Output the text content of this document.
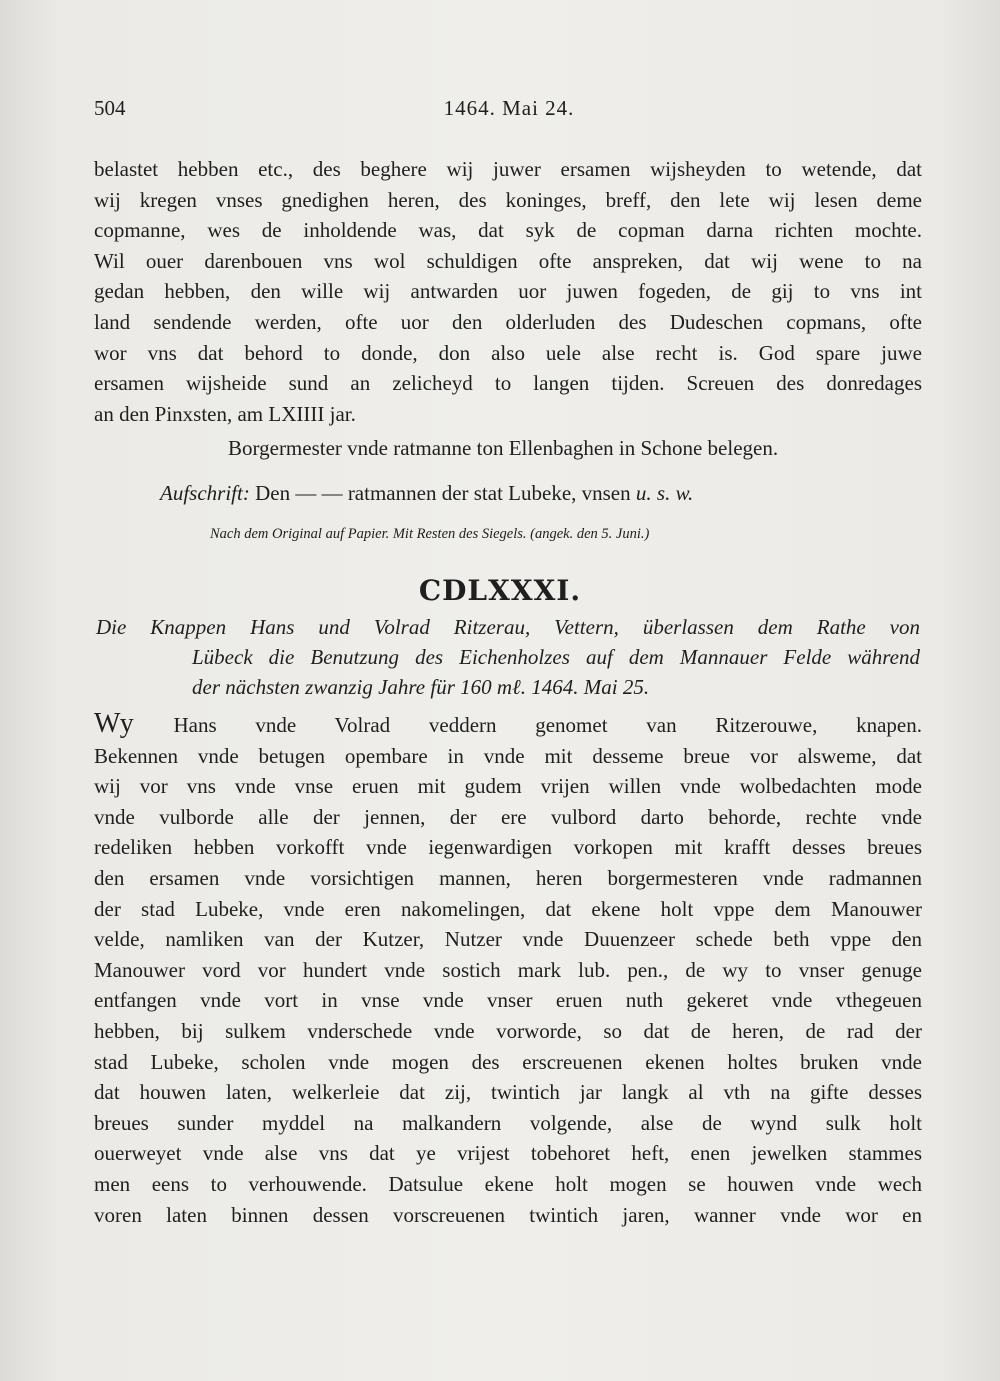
504	1464. Mai 24.
belastet hebben etc., des beghere wij juwer ersamen wijsheyden to wetende, dat
wij kregen vnses gnedighen heren, des koninges, breff, den lete wij lesen deme
copmanne, wes de inholdende was, dat syk de copman darna richten mochte.
Wil ouer darenbouen vns wol schuldigen ofte anspreken, dat wij wene to na
gedan hebben, den wille wij antwarden uor juwen fogeden, de gij to vns int
land sendende werden, ofte uor den olderluden des Dudeschen copmans, ofte
wor vns dat behord to donde, don also uele alse recht is. God spare juwe
ersamen wijsheide sund an zelicheyd to langen tijden. Screuen des donredages
an den Pinxsten, am LXIIII jar.
Borgermester vnde ratmanne ton Ellenbaghen in Schone belegen.
Aufschrift: Den — — ratmannen der stat Lubeke, vnsen u. s. w.
Nach dem Original auf Papier. Mit Resten des Siegels. (angek. den 5. Juni.)
CDLXXXI.
Die Knappen Hans und Volrad Ritzerau, Vettern, überlassen dem Rathe von
Lübeck die Benutzung des Eichenholzes auf dem Mannauer Felde während
der nächsten zwanzig Jahre für 160 mℓ. 1464. Mai 25.
Wy Hans vnde Volrad veddern genomet van Ritzerouwe, knapen.
Bekennen vnde betugen opembare in vnde mit desseme breue vor alsweme, dat
wij vor vns vnde vnse eruen mit gudem vrijen willen vnde wolbedachten mode
vnde vulborde alle der jennen, der ere vulbord darto behorde, rechte vnde
redeliken hebben vorkofft vnde iegenwardigen vorkopen mit krafft desses breues
den ersamen vnde vorsichtigen mannen, heren borgermesteren vnde radmannen
der stad Lubeke, vnde eren nakomelingen, dat ekene holt vppe dem Manouwer
velde, namliken van der Kutzer, Nutzer vnde Duuenzeer schede beth vppe den
Manouwer vord vor hundert vnde sostich mark lub. pen., de wy to vnser genuge
entfangen vnde vort in vnse vnde vnser eruen nuth gekeret vnde vthegeuen
hebben, bij sulkem vnderschede vnde vorworde, so dat de heren, de rad der
stad Lubeke, scholen vnde mogen des erscreuenen ekenen holtes bruken vnde
dat houwen laten, welkerleie dat zij, twintich jar langk al vth na gifte desses
breues sunder myddel na malkandern volgende, alse de wynd sulk holt
ouerweyet vnde alse vns dat ye vrijest tobehoret heft, enen jewelken stammes
men eens to verhouwende. Datsulue ekene holt mogen se houwen vnde wech
voren laten binnen dessen vorscreuenen twintich jaren, wanner vnde wor en
